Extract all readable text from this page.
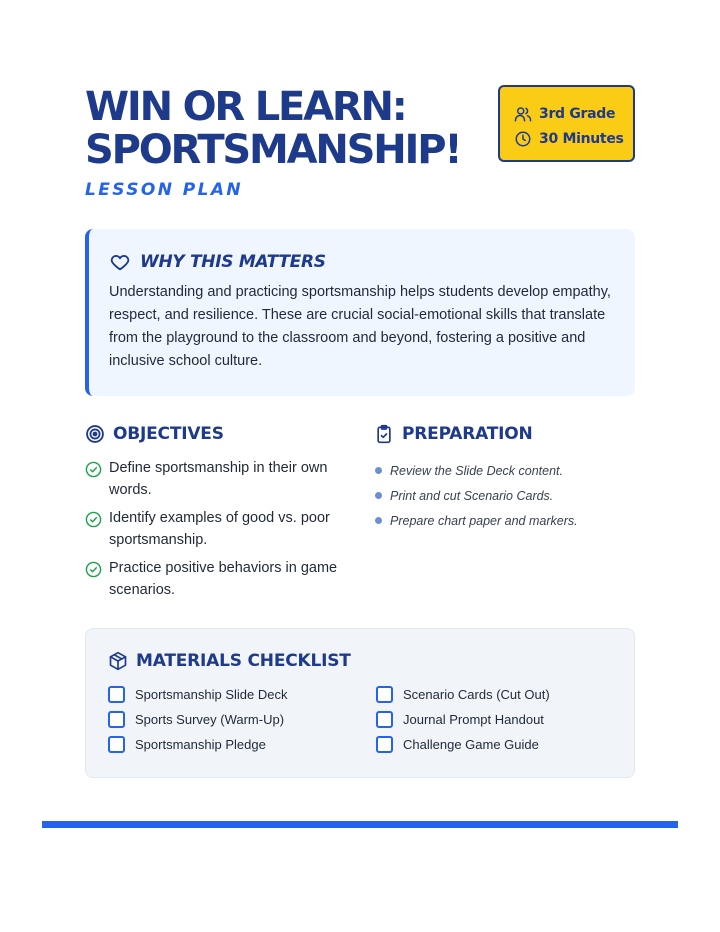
WIN OR LEARN:
SPORTSMANSHIP!
LESSON PLAN
3rd Grade
30 Minutes
WHY THIS MATTERS

Understanding and practicing sportsmanship helps students develop empathy, respect, and resilience. These are crucial social-emotional skills that translate from the playground to the classroom and beyond, fostering a positive and inclusive school culture.

OBJECTIVES
Define sportsmanship in their own words.
Identify examples of good vs. poor sportsmanship.
Practice positive behaviors in game scenarios.
PREPARATION
Review the Slide Deck content.
Print and cut Scenario Cards.
Prepare chart paper and markers.
MATERIALS CHECKLIST
Sportsmanship Slide Deck	Scenario Cards (Cut Out)
Sports Survey (Warm-Up)	Journal Prompt Handout
Sportsmanship Pledge	Challenge Game Guide
